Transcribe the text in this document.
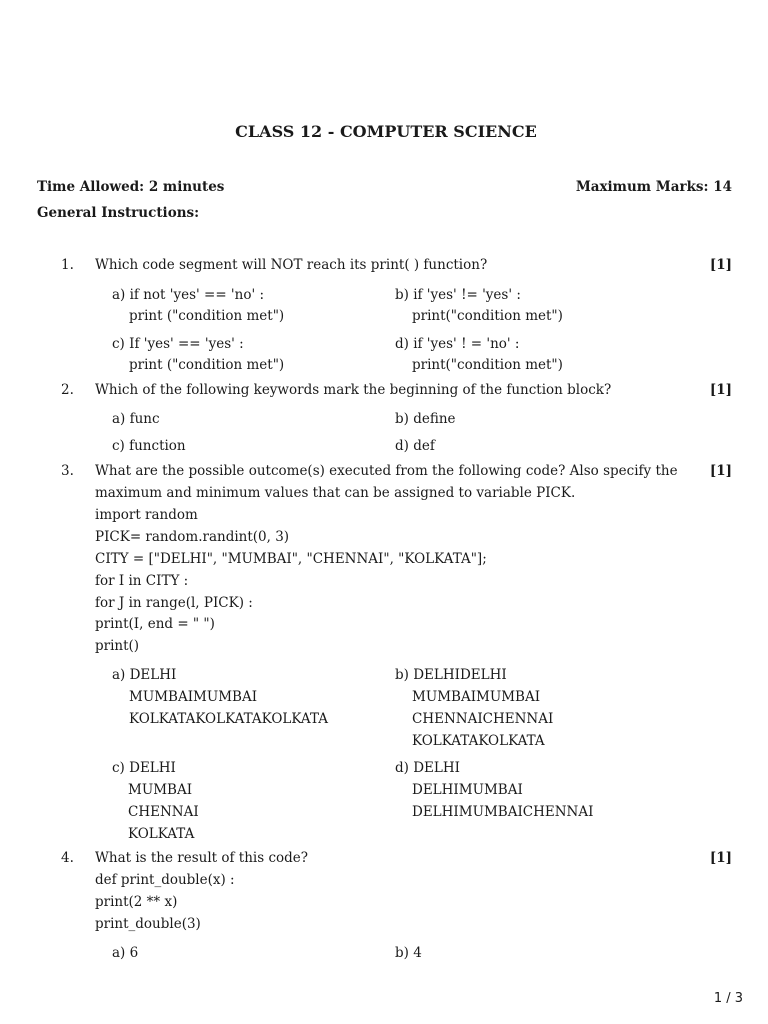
CLASS 12 - COMPUTER SCIENCE
Time Allowed: 2 minutes	Maximum Marks: 14
General Instructions:
1. Which code segment will NOT reach its print( ) function?	[1]
a) if not 'yes' == 'no' :
print ("condition met")
b) if 'yes' != 'yes' :
print("condition met")
c) If 'yes' == 'yes' :
print ("condition met")
d) if 'yes' ! = 'no' :
print("condition met")
2. Which of the following keywords mark the beginning of the function block?	[1]
a) func	b) define
c) function	d) def
3.	[1]
What are the possible outcome(s) executed from the following code? Also specify the
maximum and minimum values that can be assigned to variable PICK.
import random
PICK= random.randint(0, 3)
CITY = ["DELHI", "MUMBAI", "CHENNAI", "KOLKATA"];
for I in CITY :
for J in range(l, PICK) :
print(I, end = " ")
print()
a) DELHI
MUMBAIMUMBAI
KOLKATAKOLKATAKOLKATA
b) DELHIDELHI
MUMBAIMUMBAI
CHENNAICHENNAI
KOLKATAKOLKATA
c) DELHI
MUMBAI
CHENNAI
KOLKATA
d) DELHI
DELHIMUMBAI
DELHIMUMBAICHENNAI
4.	[1]
What is the result of this code?
def print_double(x) :
print(2 ** x)
print_double(3)
a) 6	b) 4
1 / 3
